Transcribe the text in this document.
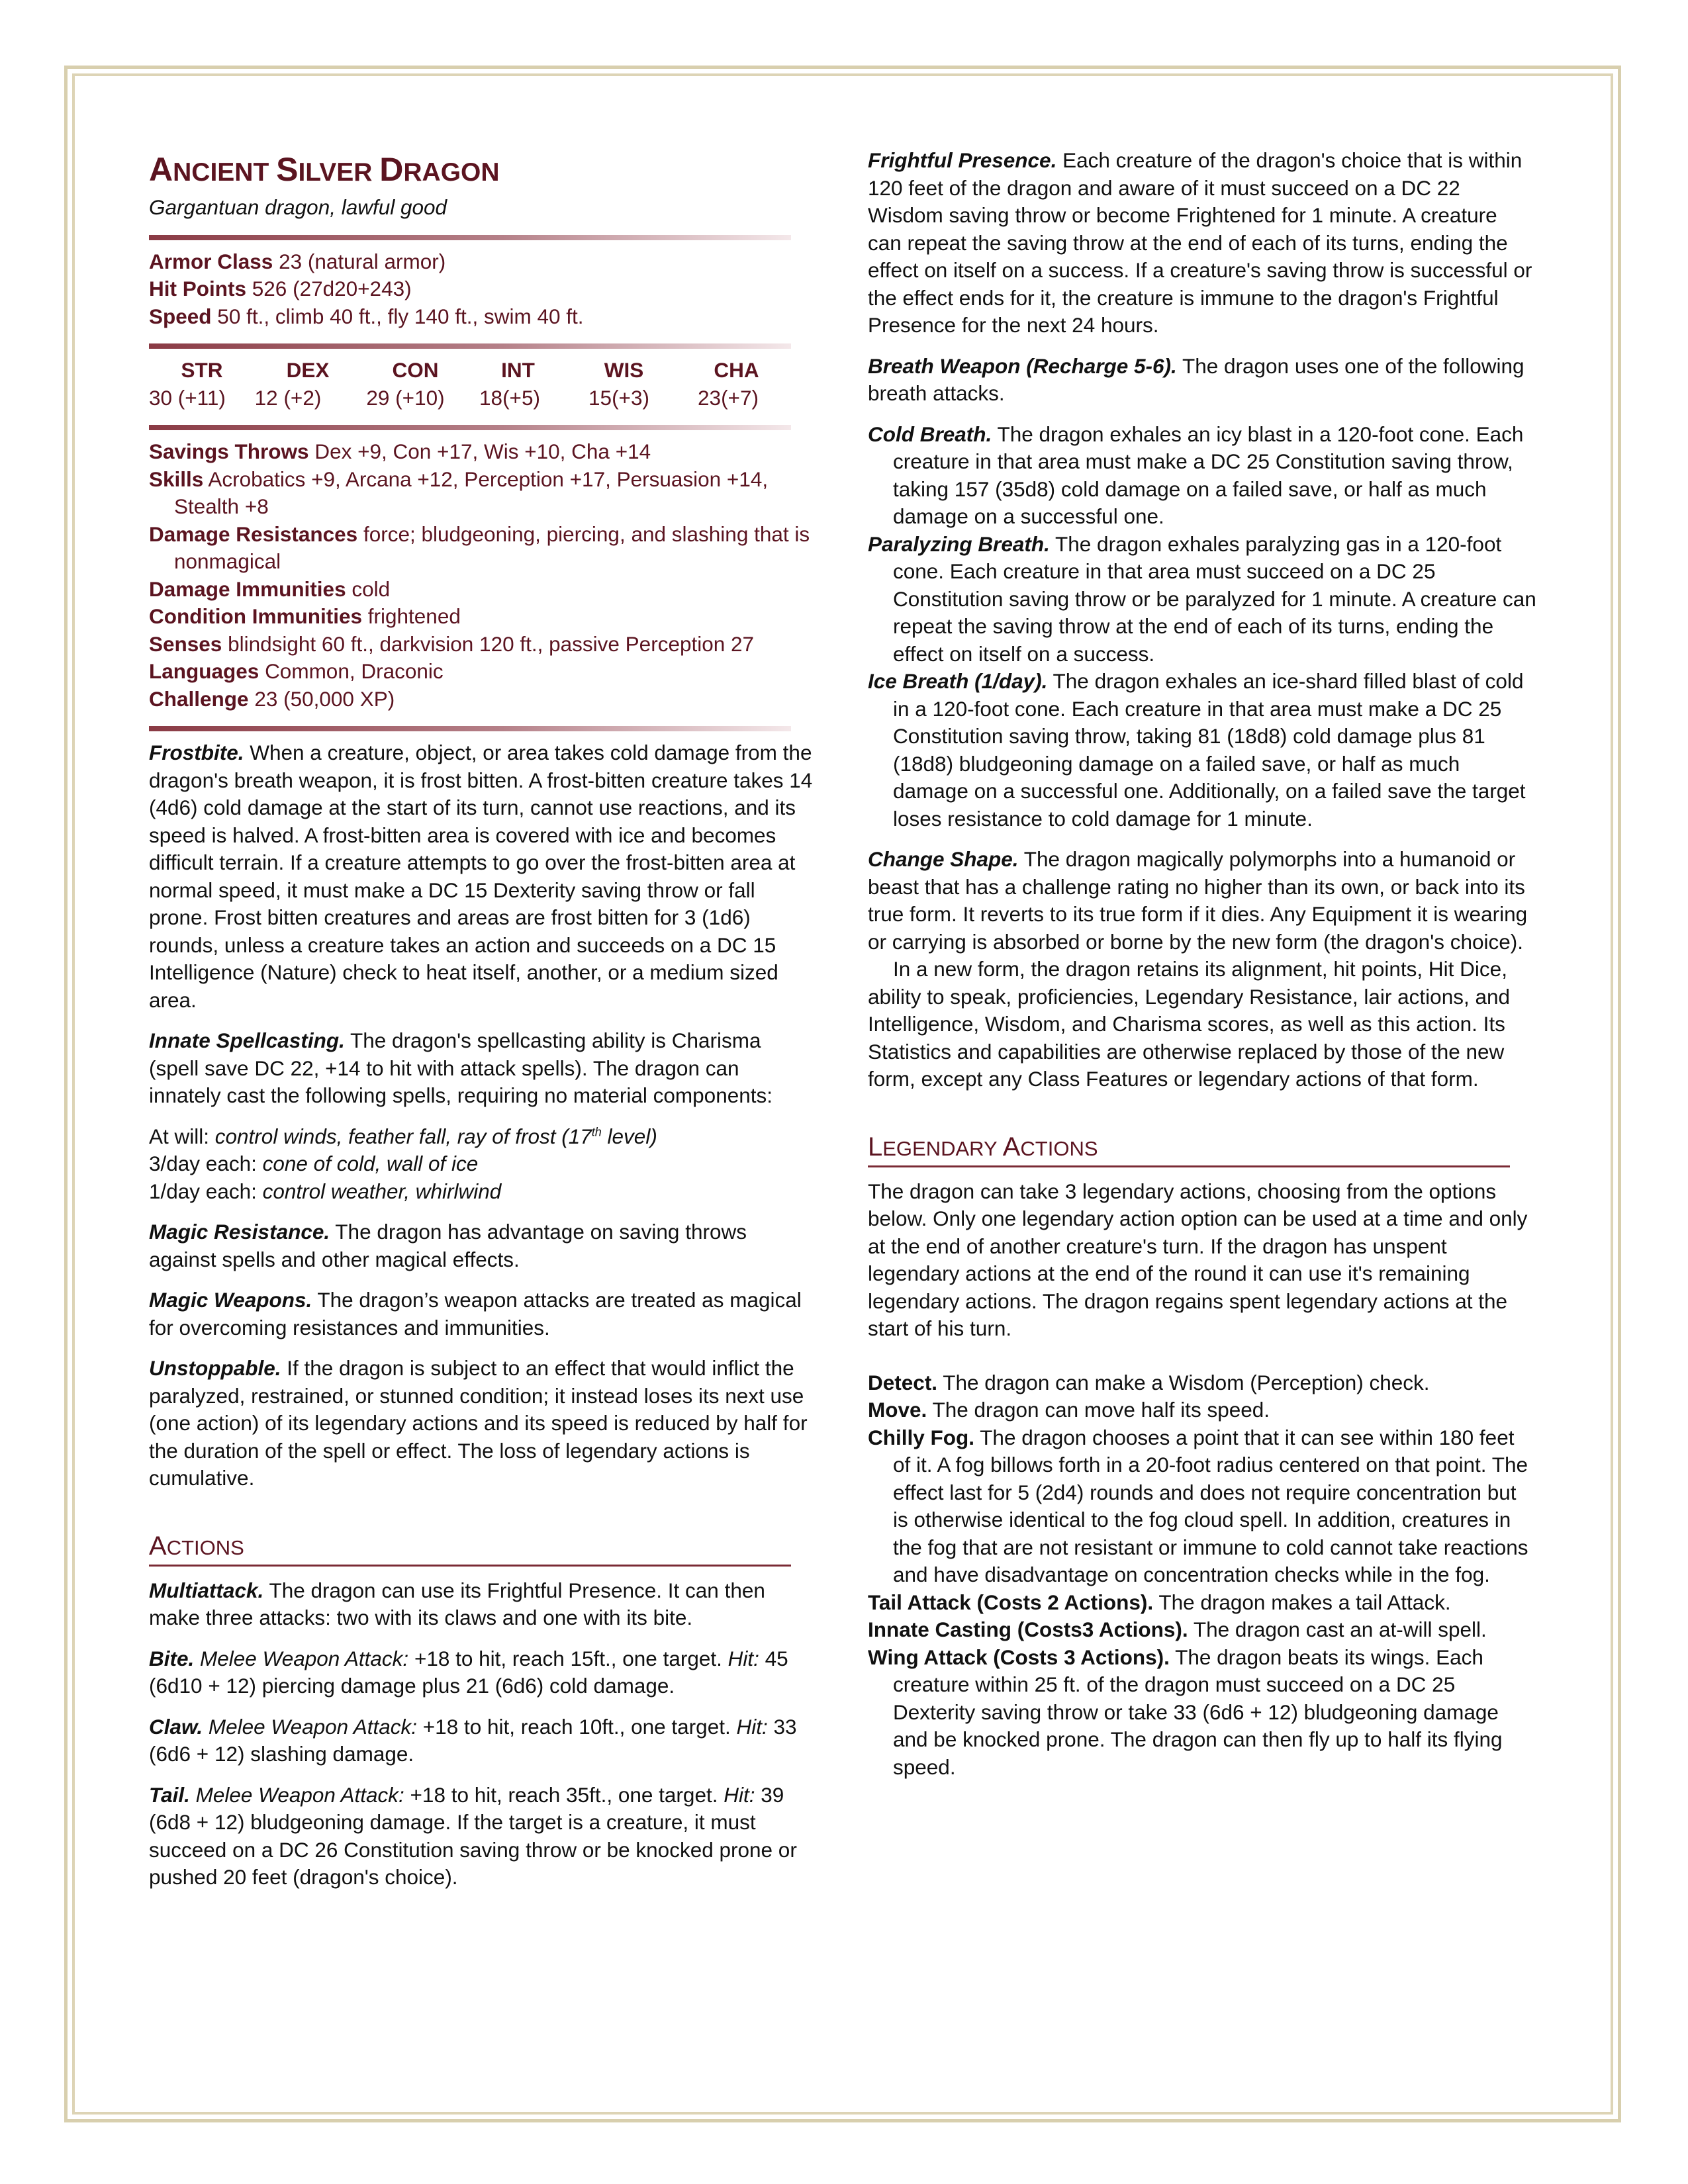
ANCIENT SILVER DRAGON

Gargantuan dragon, lawful good

Armor Class 23 (natural armor)

Hit Points 526 (27d20+243)

Speed 50 ft., climb 40 ft., fly 140 ft., swim 40 ft.

STR	DEX	CON	INT	WIS	CHA
30 (+11)	12 (+2)	29 (+10)	18(+5)	15(+3)	23(+7)

Savings Throws Dex +9, Con +17, Wis +10, Cha +14

Skills Acrobatics +9, Arcana +12, Perception +17, Persuasion +14, Stealth +8

Damage Resistances force; bludgeoning, piercing, and slashing that is nonmagical

Damage Immunities cold

Condition Immunities frightened

Senses blindsight 60 ft., darkvision 120 ft., passive Perception 27

Languages Common, Draconic

Challenge 23 (50,000 XP)

Frostbite. When a creature, object, or area takes cold damage from the dragon's breath weapon, it is frost bitten. A frost-bitten creature takes 14 (4d6) cold damage at the start of its turn, cannot use reactions, and its speed is halved. A frost-bitten area is covered with ice and becomes difficult terrain. If a creature attempts to go over the frost-bitten area at normal speed, it must make a DC 15 Dexterity saving throw or fall prone. Frost bitten creatures and areas are frost bitten for 3 (1d6) rounds, unless a creature takes an action and succeeds on a DC 15 Intelligence (Nature) check to heat itself, another, or a medium sized area.

Innate Spellcasting. The dragon's spellcasting ability is Charisma (spell save DC 22, +14 to hit with attack spells). The dragon can innately cast the following spells, requiring no material components:

At will: control winds, feather fall, ray of frost (17th level)

3/day each: cone of cold, wall of ice

1/day each: control weather, whirlwind

Magic Resistance. The dragon has advantage on saving throws against spells and other magical effects.

Magic Weapons. The dragon’s weapon attacks are treated as magical for overcoming resistances and immunities.

Unstoppable. If the dragon is subject to an effect that would inflict the paralyzed, restrained, or stunned condition; it instead loses its next use (one action) of its legendary actions and its speed is reduced by half for the duration of the spell or effect. The loss of legendary actions is cumulative.

ACTIONS

Multiattack. The dragon can use its Frightful Presence. It can then make three attacks: two with its claws and one with its bite.

Bite. Melee Weapon Attack: +18 to hit, reach 15ft., one target. Hit: 45 (6d10 + 12) piercing damage plus 21 (6d6) cold damage.

Claw. Melee Weapon Attack: +18 to hit, reach 10ft., one target. Hit: 33 (6d6 + 12) slashing damage.

Tail. Melee Weapon Attack: +18 to hit, reach 35ft., one target. Hit: 39 (6d8 + 12) bludgeoning damage. If the target is a creature, it must succeed on a DC 26 Constitution saving throw or be knocked prone or pushed 20 feet (dragon's choice).

Frightful Presence. Each creature of the dragon's choice that is within 120 feet of the dragon and aware of it must succeed on a DC 22 Wisdom saving throw or become Frightened for 1 minute. A creature can repeat the saving throw at the end of each of its turns, ending the effect on itself on a success. If a creature's saving throw is successful or the effect ends for it, the creature is immune to the dragon's Frightful Presence for the next 24 hours.

Breath Weapon (Recharge 5-6). The dragon uses one of the following breath attacks.

Cold Breath. The dragon exhales an icy blast in a 120-foot cone. Each creature in that area must make a DC 25 Constitution saving throw, taking 157 (35d8) cold damage on a failed save, or half as much damage on a successful one.

Paralyzing Breath. The dragon exhales paralyzing gas in a 120-foot cone. Each creature in that area must succeed on a DC 25 Constitution saving throw or be paralyzed for 1 minute. A creature can repeat the saving throw at the end of each of its turns, ending the effect on itself on a success.

Ice Breath (1/day). The dragon exhales an ice-shard filled blast of cold in a 120-foot cone. Each creature in that area must make a DC 25 Constitution saving throw, taking 81 (18d8) cold damage plus 81 (18d8) bludgeoning damage on a failed save, or half as much damage on a successful one. Additionally, on a failed save the target loses resistance to cold damage for 1 minute.

Change Shape. The dragon magically polymorphs into a humanoid or beast that has a challenge rating no higher than its own, or back into its true form. It reverts to its true form if it dies. Any Equipment it is wearing or carrying is absorbed or borne by the new form (the dragon's choice).

In a new form, the dragon retains its alignment, hit points, Hit Dice, ability to speak, proficiencies, Legendary Resistance, lair actions, and Intelligence, Wisdom, and Charisma scores, as well as this action. Its Statistics and capabilities are otherwise replaced by those of the new form, except any Class Features or legendary actions of that form.

LEGENDARY ACTIONS

The dragon can take 3 legendary actions, choosing from the options below. Only one legendary action option can be used at a time and only at the end of another creature's turn. If the dragon has unspent legendary actions at the end of the round it can use it's remaining legendary actions. The dragon regains spent legendary actions at the start of his turn.

Detect. The dragon can make a Wisdom (Perception) check.

Move. The dragon can move half its speed.

Chilly Fog. The dragon chooses a point that it can see within 180 feet of it. A fog billows forth in a 20-foot radius centered on that point. The effect last for 5 (2d4) rounds and does not require concentration but is otherwise identical to the fog cloud spell. In addition, creatures in the fog that are not resistant or immune to cold cannot take reactions and have disadvantage on concentration checks while in the fog.

Tail Attack (Costs 2 Actions). The dragon makes a tail Attack.

Innate Casting (Costs3 Actions). The dragon cast an at-will spell.

Wing Attack (Costs 3 Actions). The dragon beats its wings. Each creature within 25 ft. of the dragon must succeed on a DC 25 Dexterity saving throw or take 33 (6d6 + 12) bludgeoning damage and be knocked prone. The dragon can then fly up to half its flying speed.
